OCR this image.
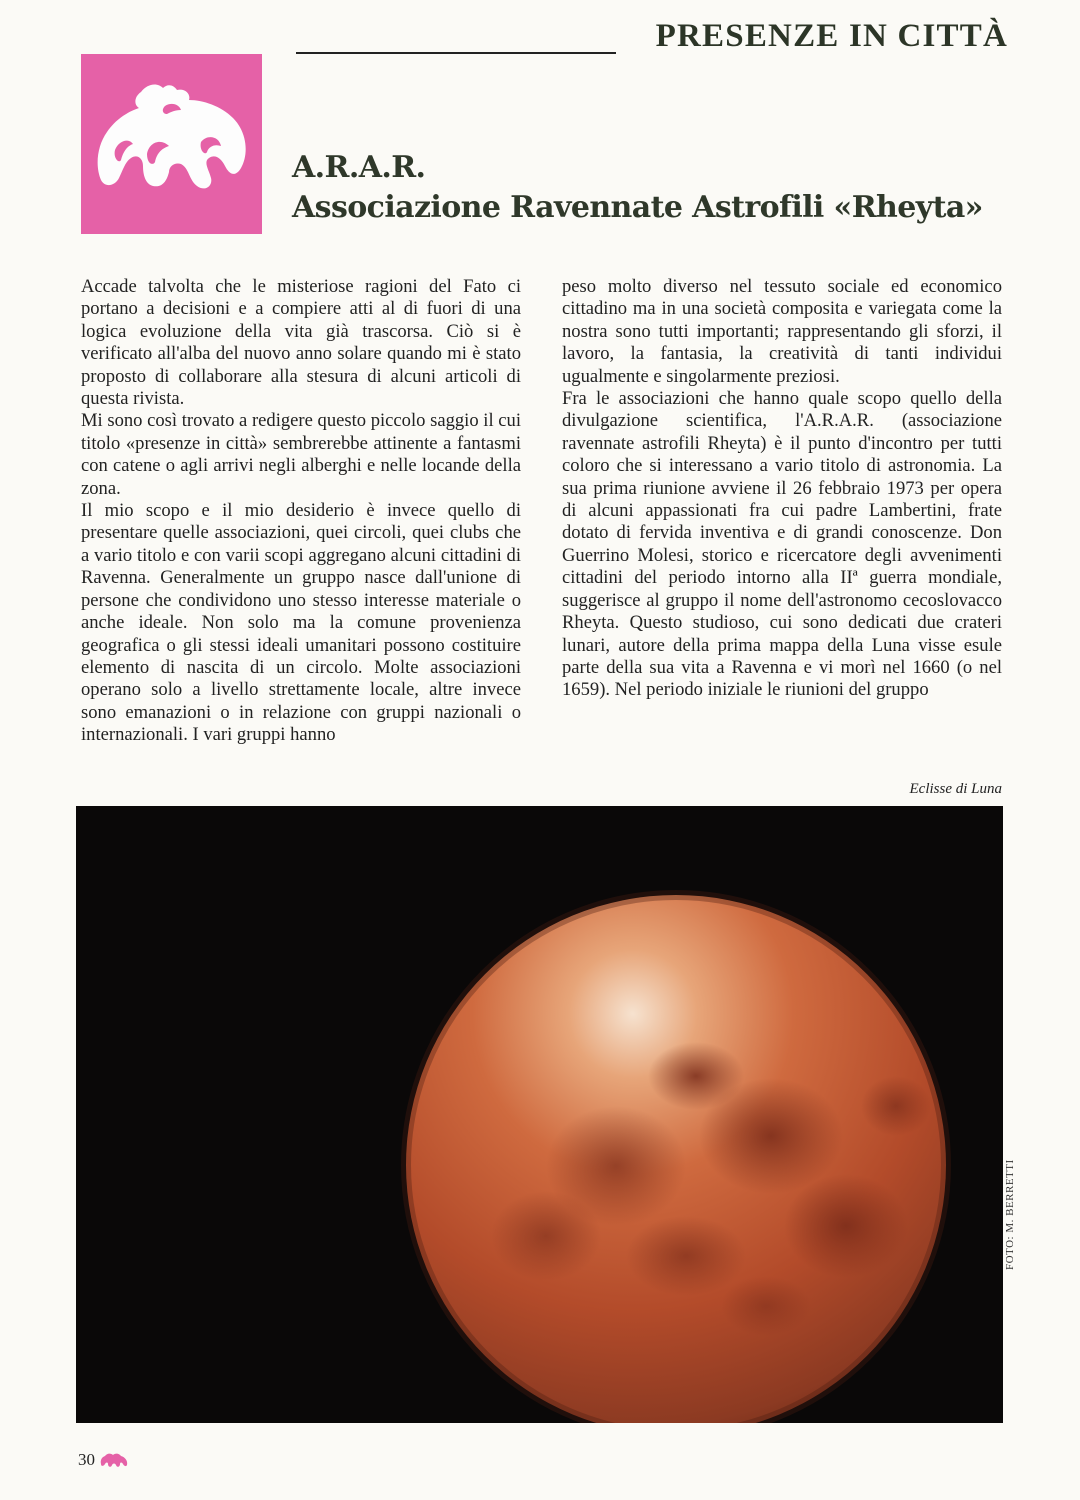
PRESENZE IN CITTÀ
A.R.A.R.
Associazione Ravennate Astrofili «Rheyta»

Accade talvolta che le misteriose ragioni del Fato ci portano a decisioni e a compiere atti al di fuori di una logica evoluzione della vita già trascorsa. Ciò si è verificato all'alba del nuovo anno solare quando mi è stato proposto di collaborare alla stesura di alcuni articoli di questa rivista.

Mi sono così trovato a redigere questo piccolo saggio il cui titolo «presenze in città» sembrerebbe attinente a fantasmi con catene o agli arrivi negli alberghi e nelle locande della zona.

Il mio scopo e il mio desiderio è invece quello di presentare quelle associazioni, quei circoli, quei clubs che a vario titolo e con varii scopi aggregano alcuni cittadini di Ravenna. Generalmente un gruppo nasce dall'unione di persone che condividono uno stesso interesse materiale o anche ideale. Non solo ma la comune provenienza geografica o gli stessi ideali umanitari possono costituire elemento di nascita di un circolo. Molte associazioni operano solo a livello strettamente locale, altre invece sono emanazioni o in relazione con gruppi nazionali o internazionali. I vari gruppi hanno

peso molto diverso nel tessuto sociale ed economico cittadino ma in una società composita e variegata come la nostra sono tutti importanti; rappresentando gli sforzi, il lavoro, la fantasia, la creatività di tanti individui ugualmente e singolarmente preziosi.

Fra le associazioni che hanno quale scopo quello della divulgazione scientifica, l'A.R.A.R. (associazione ravennate astrofili Rheyta) è il punto d'incontro per tutti coloro che si interessano a vario titolo di astronomia. La sua prima riunione avviene il 26 febbraio 1973 per opera di alcuni appassionati fra cui padre Lambertini, frate dotato di fervida inventiva e di grandi conoscenze. Don Guerrino Molesi, storico e ricercatore degli avvenimenti cittadini del periodo intorno alla IIª guerra mondiale, suggerisce al gruppo il nome dell'astronomo cecoslovacco Rheyta. Questo studioso, cui sono dedicati due crateri lunari, autore della prima mappa della Luna visse esule parte della sua vita a Ravenna e vi morì nel 1660 (o nel 1659). Nel periodo iniziale le riunioni del gruppo

Eclisse di Luna
FOTO: M. BERRETTI
30
